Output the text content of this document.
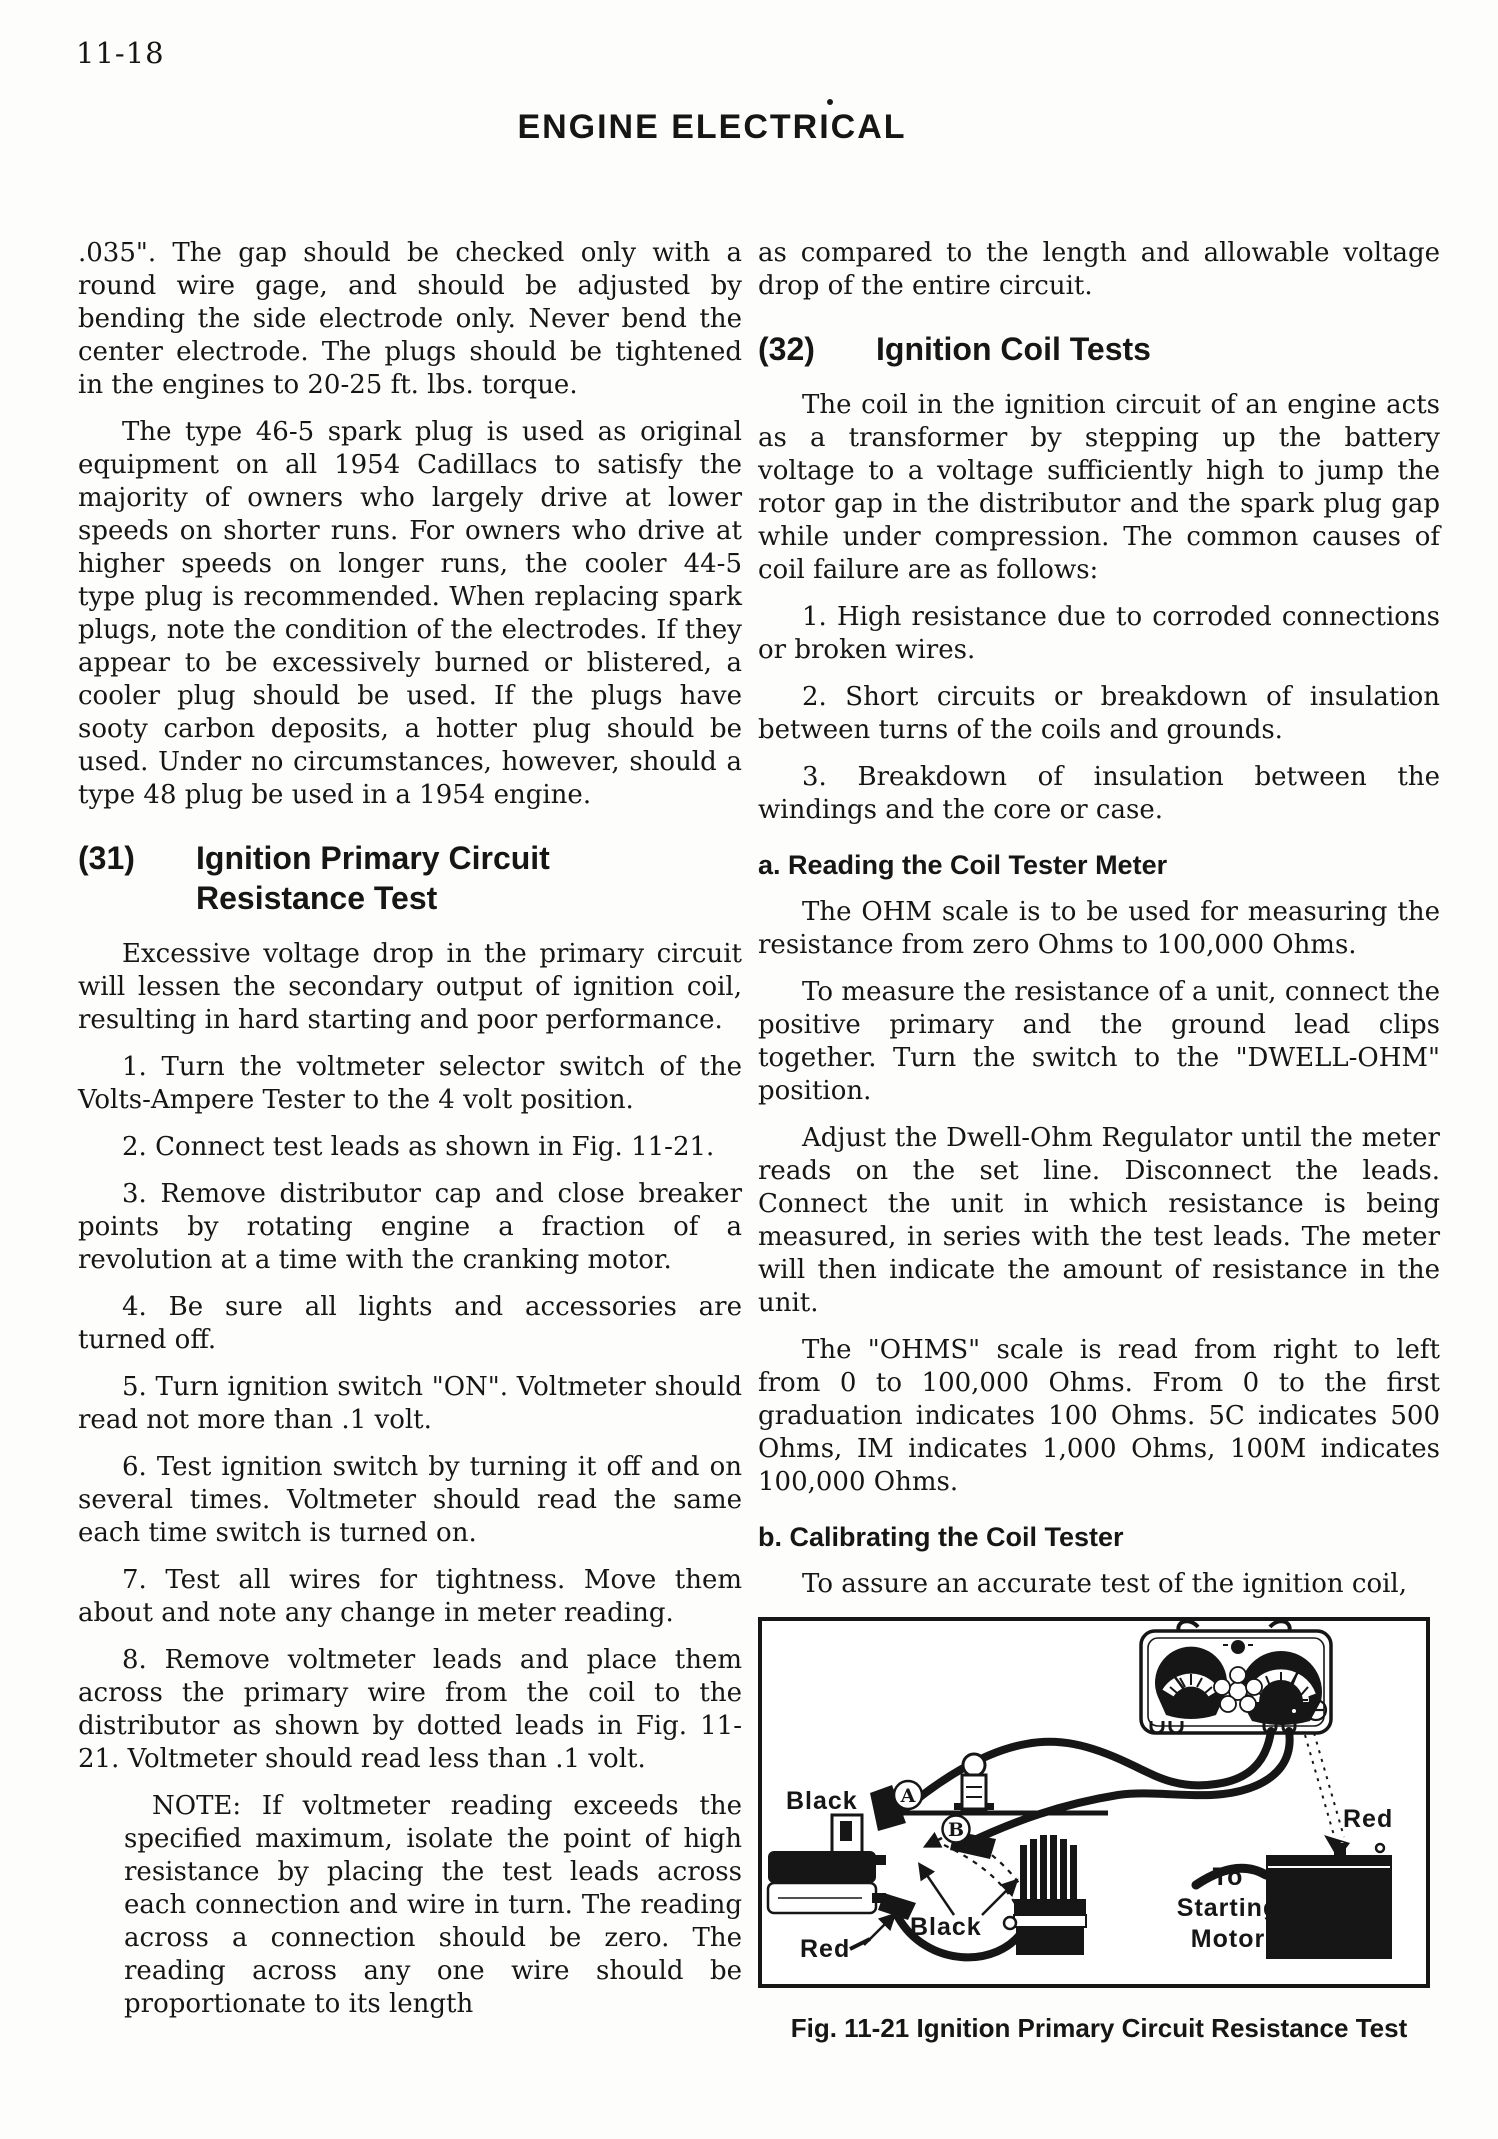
11-18
ENGINE ELECTRICAL

.035". The gap should be checked only with a round wire gage, and should be adjusted by bending the side electrode only. Never bend the center electrode. The plugs should be tightened in the engines to 20-25 ft. lbs. torque.

The type 46-5 spark plug is used as original equipment on all 1954 Cadillacs to satisfy the majority of owners who largely drive at lower speeds on shorter runs. For owners who drive at higher speeds on longer runs, the cooler 44-5 type plug is recommended. When replacing spark plugs, note the condition of the electrodes. If they appear to be excessively burned or blistered, a cooler plug should be used. If the plugs have sooty carbon deposits, a hotter plug should be used. Under no circumstances, however, should a type 48 plug be used in a 1954 engine.

(31)	Ignition Primary Circuit
Resistance Test

Excessive voltage drop in the primary circuit will lessen the secondary output of ignition coil, resulting in hard starting and poor performance.

1. Turn the voltmeter selector switch of the Volts-Ampere Tester to the 4 volt position.

2. Connect test leads as shown in Fig. 11-21.

3. Remove distributor cap and close breaker points by rotating engine a fraction of a revolution at a time with the cranking motor.

4. Be sure all lights and accessories are turned off.

5. Turn ignition switch "ON". Voltmeter should read not more than .1 volt.

6. Test ignition switch by turning it off and on several times. Voltmeter should read the same each time switch is turned on.

7. Test all wires for tightness. Move them about and note any change in meter reading.

8. Remove voltmeter leads and place them across the primary wire from the coil to the distributor as shown by dotted leads in Fig. 11-21. Voltmeter should read less than .1 volt.

NOTE: If voltmeter reading exceeds the specified maximum, isolate the point of high resistance by placing the test leads across each connection and wire in turn. The reading across a connection should be zero. The reading across any one wire should be proportionate to its length

as compared to the length and allowable voltage drop of the entire circuit.

(32)	Ignition Coil Tests

The coil in the ignition circuit of an engine acts as a transformer by stepping up the battery voltage to a voltage sufficiently high to jump the rotor gap in the distributor and the spark plug gap while under compression. The common causes of coil failure are as follows:

1. High resistance due to corroded connections or broken wires.

2. Short circuits or breakdown of insulation between turns of the coils and grounds.

3. Breakdown of insulation between the windings and the core or case.

a. Reading the Coil Tester Meter

The OHM scale is to be used for measuring the resistance from zero Ohms to 100,000 Ohms.

To measure the resistance of a unit, connect the positive primary and the ground lead clips together. Turn the switch to the "DWELL-OHM" position.

Adjust the Dwell-Ohm Regulator until the meter reads on the set line. Disconnect the leads. Connect the unit in which resistance is being measured, in series with the test leads. The meter will then indicate the amount of resistance in the unit.

The "OHMS" scale is read from right to left from 0 to 100,000 Ohms. From 0 to the first graduation indicates 100 Ohms. 5C indicates 500 Ohms, IM indicates 1,000 Ohms, 100M indicates 100,000 Ohms.

b. Calibrating the Coil Tester

To assure an accurate test of the ignition coil,

A
B
Black
Red
Black
Red
To
Starting
Motor
Fig. 11-21 Ignition Primary Circuit Resistance Test
